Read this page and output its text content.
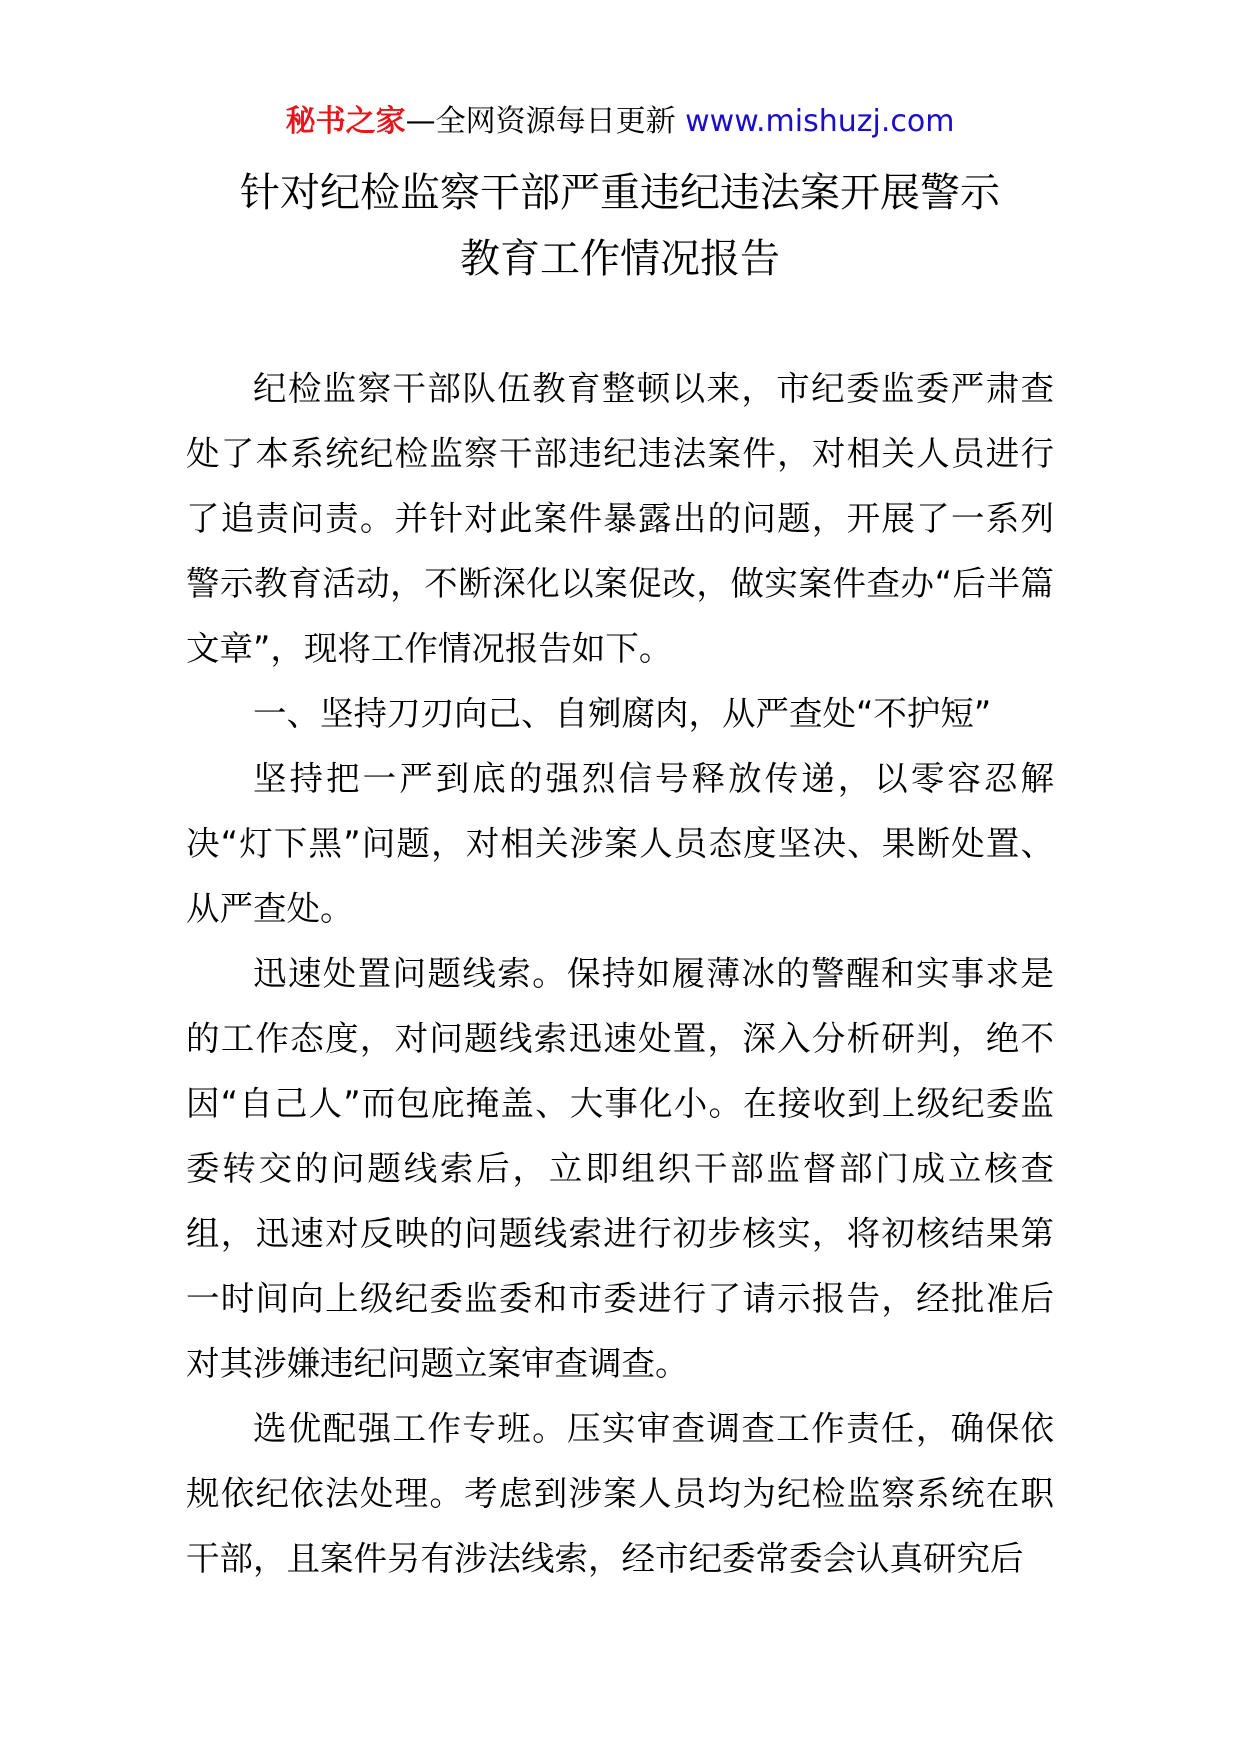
秘书之家—全网资源每日更新 www.mishuzj.com
针对纪检监察干部严重违纪违法案开展警示
教育工作情况报告

纪检监察干部队伍教育整顿以来，市纪委监委严肃查处了本系统纪检监察干部违纪违法案件，对相关人员进行了追责问责。并针对此案件暴露出的问题，开展了一系列警示教育活动，不断深化以案促改，做实案件查办“后半篇文章”，现将工作情况报告如下。

一、坚持刀刃向己、自剜腐肉，从严查处“不护短”

坚持把一严到底的强烈信号释放传递，以零容忍解决“灯下黑”问题，对相关涉案人员态度坚决、果断处置、从严查处。

迅速处置问题线索。保持如履薄冰的警醒和实事求是的工作态度，对问题线索迅速处置，深入分析研判，绝不因“自己人”而包庇掩盖、大事化小。在接收到上级纪委监委转交的问题线索后，立即组织干部监督部门成立核查组，迅速对反映的问题线索进行初步核实，将初核结果第一时间向上级纪委监委和市委进行了请示报告，经批准后对其涉嫌违纪问题立案审查调查。

选优配强工作专班。压实审查调查工作责任，确保依规依纪依法处理。考虑到涉案人员均为纪检监察系统在职干部，且案件另有涉法线索，经市纪委常委会认真研究后
